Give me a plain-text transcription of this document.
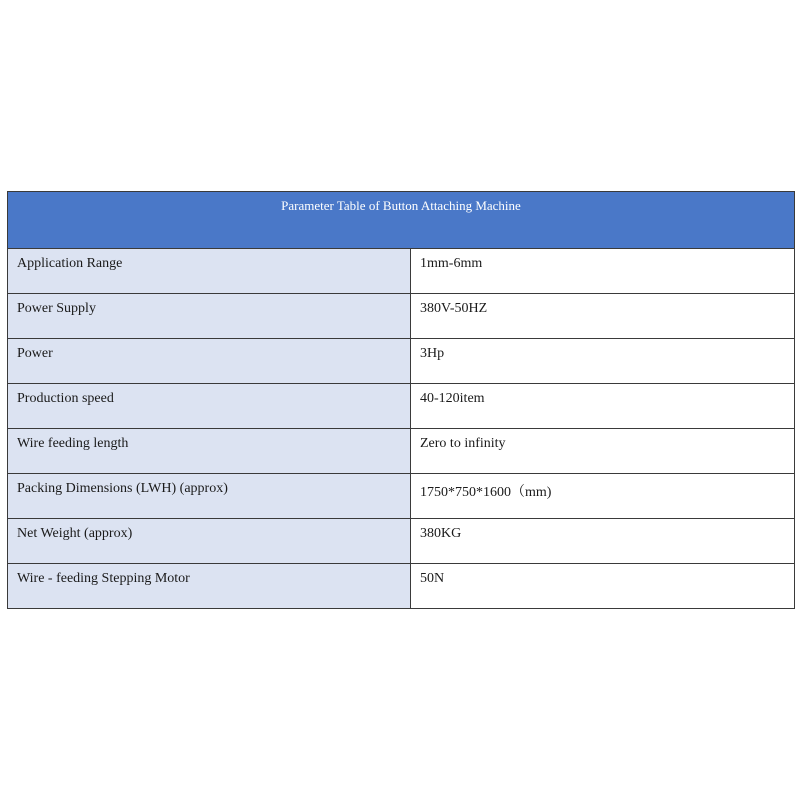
Parameter Table of Button Attaching Machine	
Application Range	1mm-6mm
Power Supply	380V-50HZ
Power	3Hp
Production speed	40-120item
Wire feeding length	Zero to infinity
Packing Dimensions (LWH) (approx)	1750*750*1600（mm)
Net Weight (approx)	380KG
Wire - feeding Stepping Motor	50N
